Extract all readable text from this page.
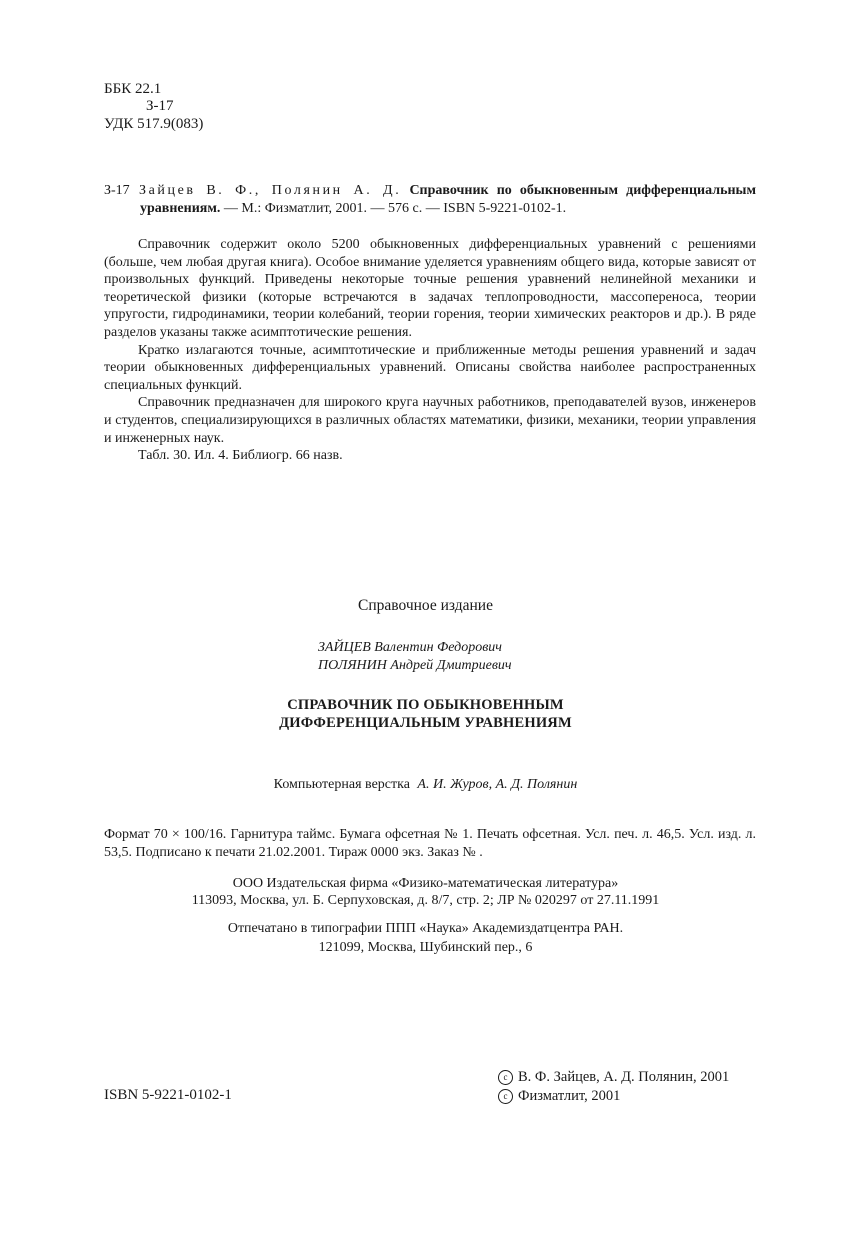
ББК 22.1
З-17
УДК 517.9(083)
З-17 Зайцев В. Ф., Полянин А. Д. Справочник по обыкновенным дифференциальным уравнениям. — М.: Физматлит, 2001. — 576 с. — ISBN 5-9221-0102-1.

Справочник содержит около 5200 обыкновенных дифференциальных уравнений с решениями (больше, чем любая другая книга). Особое внимание уделяется уравнениям общего вида, которые зависят от произвольных функций. Приведены некоторые точные решения уравнений нелинейной механики и теоретической физики (которые встречаются в задачах теплопроводности, массопереноса, теории упругости, гидродинамики, теории колебаний, теории горения, теории химических реакторов и др.). В ряде разделов указаны также асимптотические решения.

Кратко излагаются точные, асимптотические и приближенные методы решения уравнений и задач теории обыкновенных дифференциальных уравнений. Описаны свойства наиболее распространенных специальных функций.

Справочник предназначен для широкого круга научных работников, преподавателей вузов, инженеров и студентов, специализирующихся в различных областях математики, физики, механики, теории управления и инженерных наук.

Табл. 30. Ил. 4. Библиогр. 66 назв.

Справочное издание
ЗАЙЦЕВ Валентин Федорович
ПОЛЯНИН Андрей Дмитриевич
СПРАВОЧНИК ПО ОБЫКНОВЕННЫМ
ДИФФЕРЕНЦИАЛЬНЫМ УРАВНЕНИЯМ
Компьютерная верстка А. И. Журов, А. Д. Полянин
Формат 70 × 100/16. Гарнитура таймс. Бумага офсетная № 1. Печать офсетная. Усл. печ. л. 46,5. Усл. изд. л. 53,5. Подписано к печати 21.02.2001. Тираж 0000 экз. Заказ № .
ООО Издательская фирма «Физико-математическая литература»
113093, Москва, ул. Б. Серпуховская, д. 8/7, стр. 2; ЛР № 020297 от 27.11.1991
Отпечатано в типографии ППП «Наука» Академиздатцентра РАН.
121099, Москва, Шубинский пер., 6
ISBN 5-9221-0102-1
c В. Ф. Зайцев, А. Д. Полянин, 2001
c Физматлит, 2001
